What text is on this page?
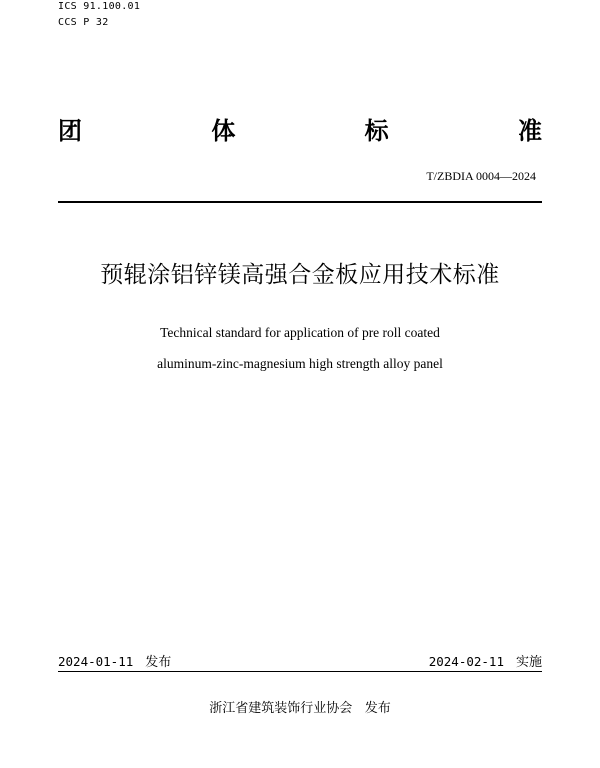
ICS 91.100.01
CCS P 32
团	体	标	准
T/ZBDIA 0004—2024
预辊涂铝锌镁高强合金板应用技术标准
Technical standard for application of pre roll coated
aluminum-zinc-magnesium high strength alloy panel
2024-01-11 发布	2024-02-11 实施
浙江省建筑装饰行业协会 发布
